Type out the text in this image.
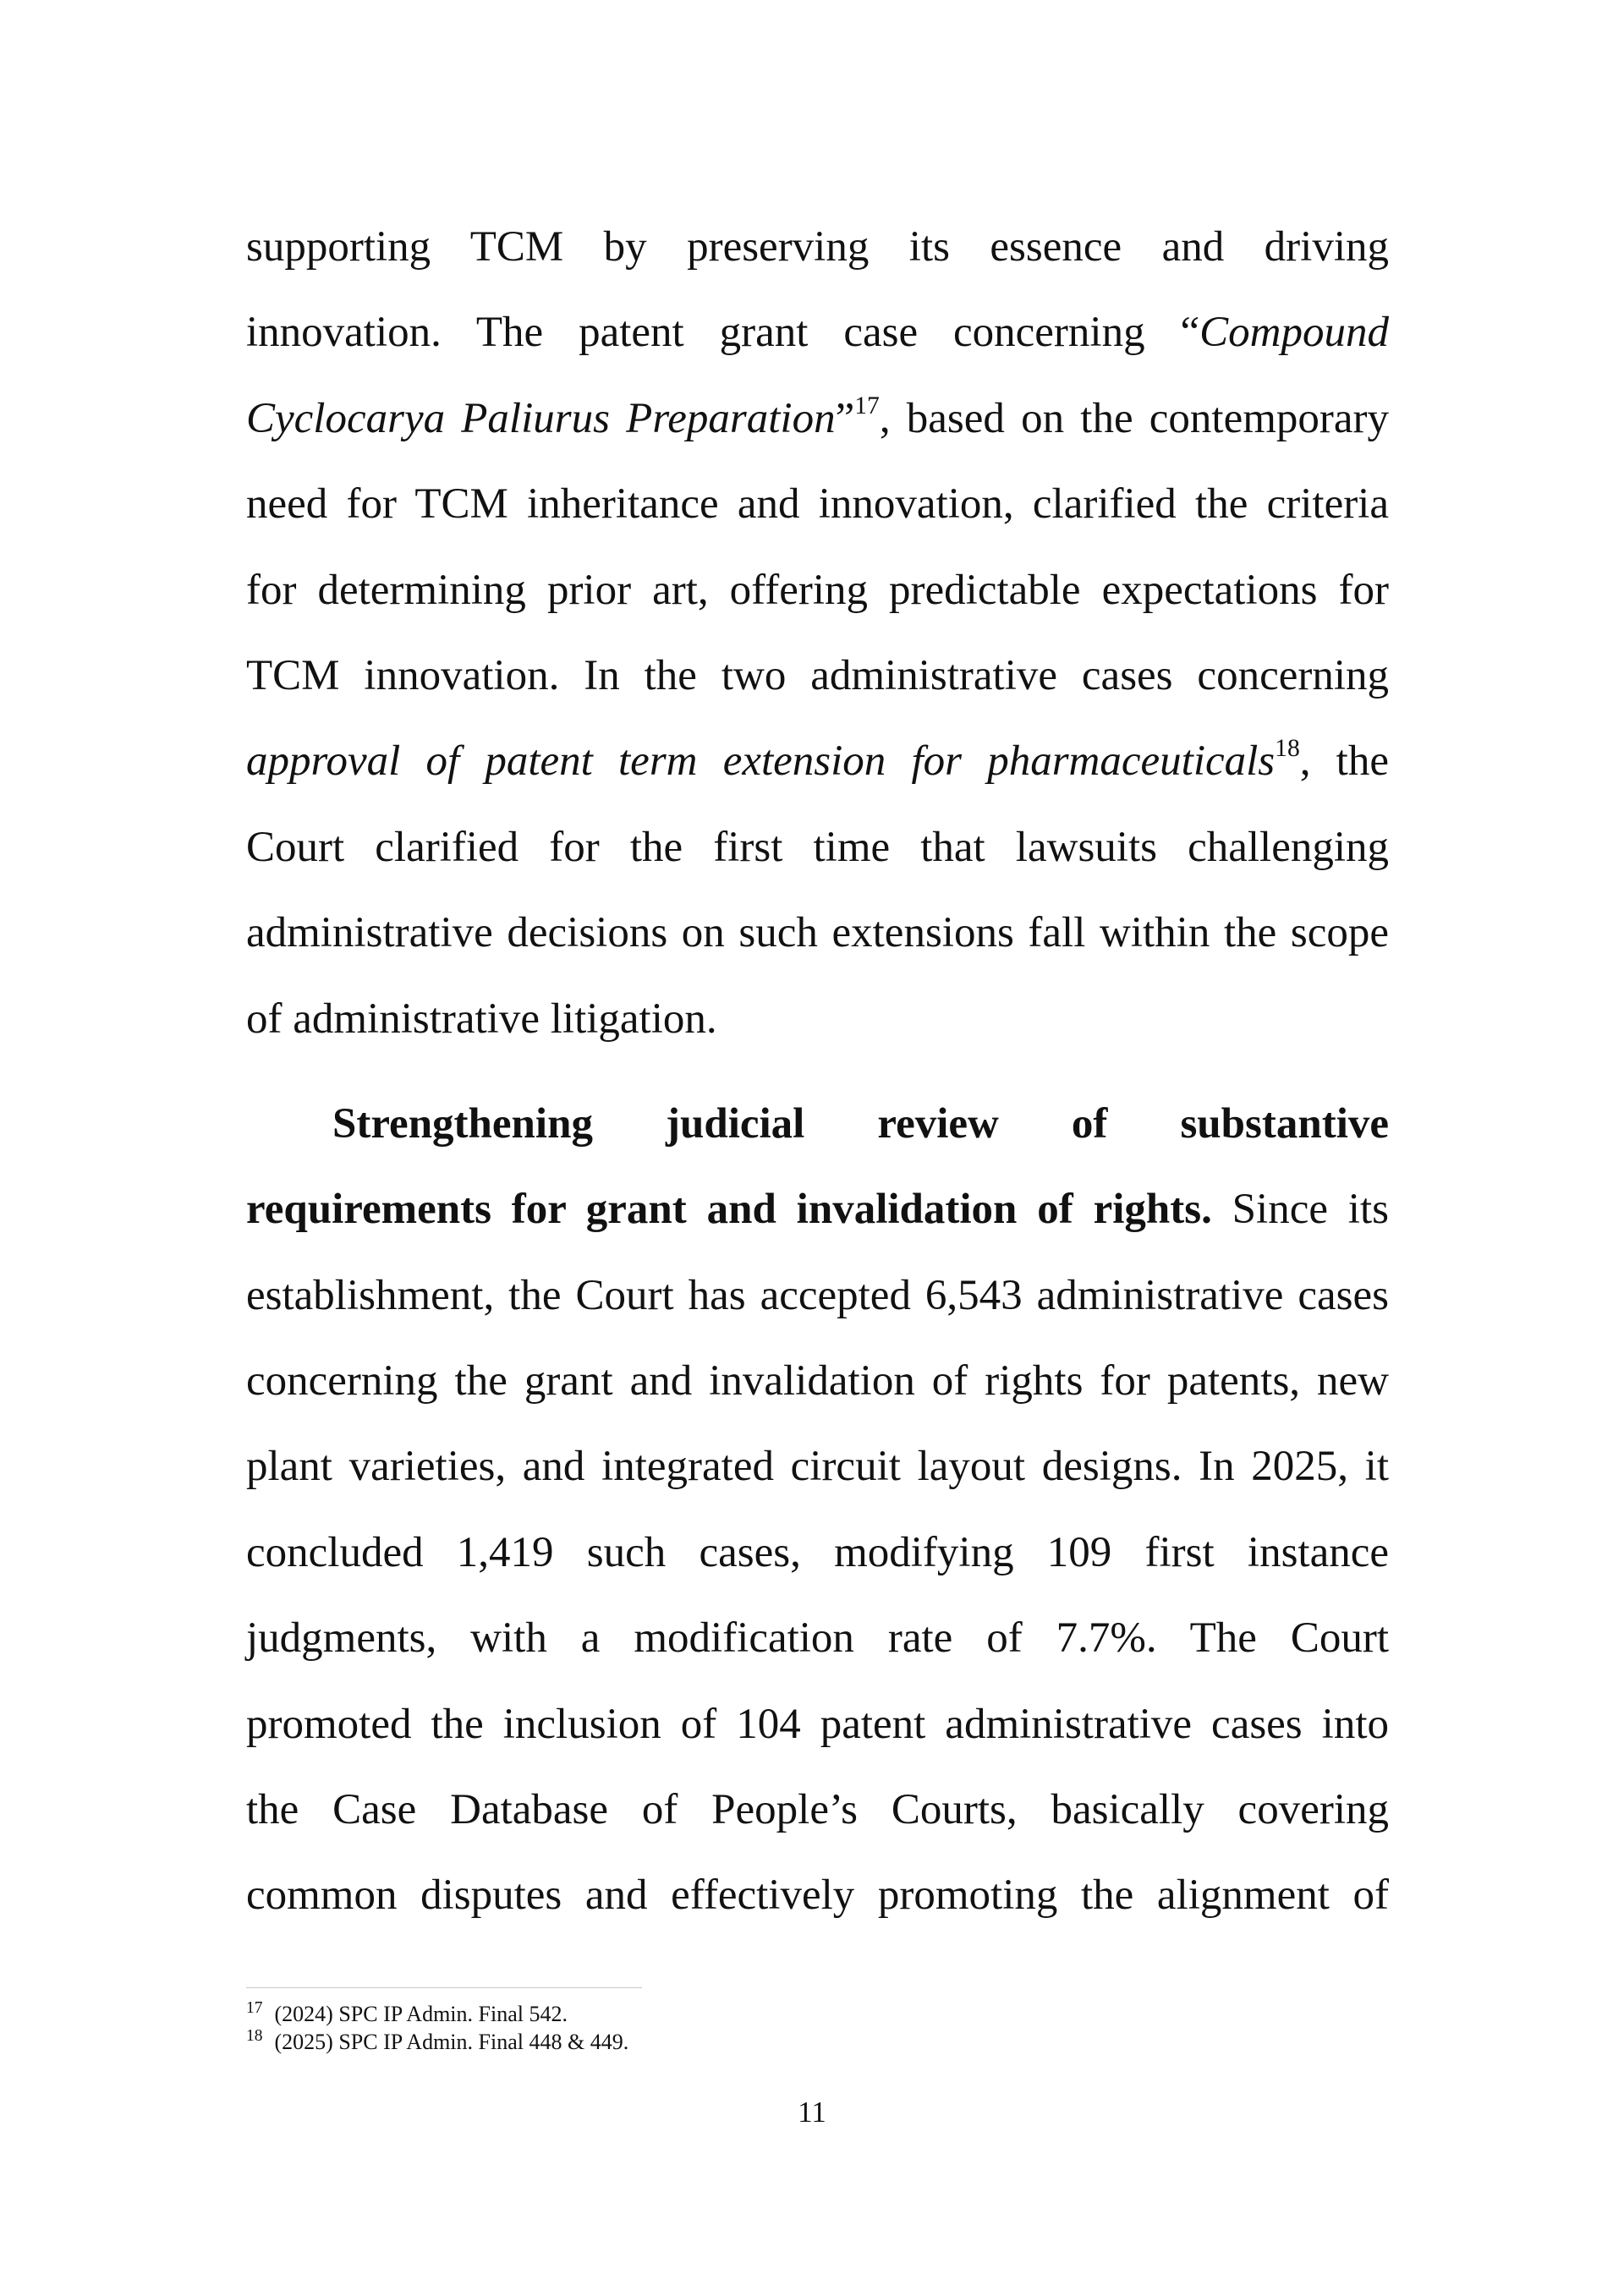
supporting TCM by preserving its essence and driving
innovation. The patent grant case concerning “Compound
Cyclocarya Paliurus Preparation”$^{17}$, based on the contemporary
need for TCM inheritance and innovation, clarified the criteria
for determining prior art, offering predictable expectations for
TCM innovation. In the two administrative cases concerning
approval of patent term extension for pharmaceuticals$^{18}$, the
Court clarified for the first time that lawsuits challenging
administrative decisions on such extensions fall within the scope
of administrative litigation.
Strengthening judicial review of substantive
requirements for grant and invalidation of rights. Since its
establishment, the Court has accepted 6,543 administrative cases
concerning the grant and invalidation of rights for patents, new
plant varieties, and integrated circuit layout designs. In 2025, it
concluded 1,419 such cases, modifying 109 first instance
judgments, with a modification rate of 7.7%. The Court
promoted the inclusion of 104 patent administrative cases into
the Case Database of People’s Courts, basically covering
common disputes and effectively promoting the alignment of
$^{17}$ (2024) SPC IP Admin. Final 542.
$^{18}$ (2025) SPC IP Admin. Final 448 & 449.
11
